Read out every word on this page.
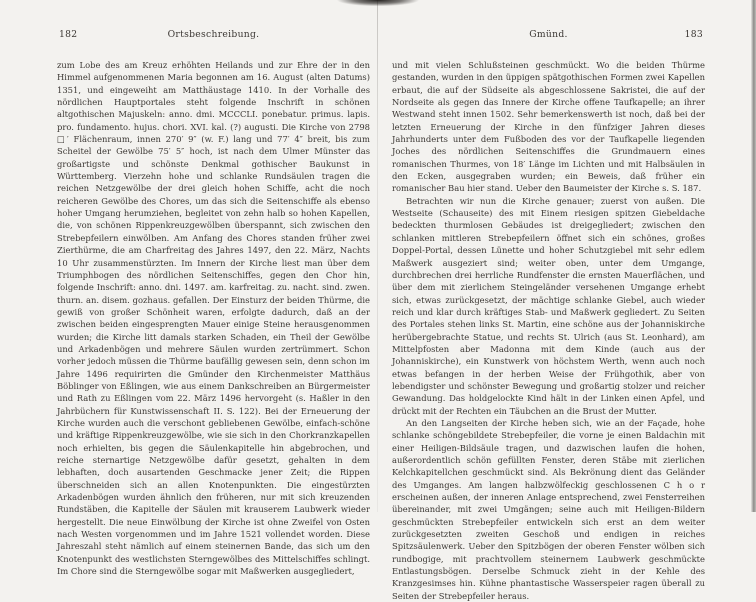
182	Ortsbeschreibung.

zum Lobe des am Kreuz erhöhten Heilands und zur Ehre der in den Himmel aufgenommenen Maria begonnen am 16. August (alten Datums) 1351, und eingeweiht am Matthäustage 1410. In der Vorhalle des nördlichen Hauptportales steht folgende Inschrift in schönen altgothischen Majuskeln: anno. dmi. MCCCLI. ponebatur. primus. lapis. pro. fundamento. hujus. chori. XVI. kal. (?) augusti. Die Kirche von 2798 □′ Flächenraum, innen 270′ 9″ (w. F.) lang und 77′ 4″ breit, bis zum Scheitel der Gewölbe 75′ 5″ hoch, ist nach dem Ulmer Münster das großartigste und schönste Denkmal gothischer Baukunst in Württemberg. Vierzehn hohe und schlanke Rundsäulen tragen die reichen Netzgewölbe der drei gleich hohen Schiffe, acht die noch reicheren Gewölbe des Chores, um das sich die Seitenschiffe als ebenso hoher Umgang herumziehen, begleitet von zehn halb so hohen Kapellen, die, von schönen Rippenkreuzgewölben überspannt, sich zwischen den Strebepfeilern einwölben. Am Anfang des Chores standen früher zwei Zierthürme, die am Charfreitag des Jahres 1497, den 22. März, Nachts 10 Uhr zusammenstürzten. Im Innern der Kirche liest man über dem Triumphbogen des nördlichen Seitenschiffes, gegen den Chor hin, folgende Inschrift: anno. dni. 1497. am. karfreitag. zu. nacht. sind. zwen. thurn. an. disem. gozhaus. gefallen. Der Einsturz der beiden Thürme, die gewiß von großer Schönheit waren, erfolgte dadurch, daß an der zwischen beiden eingesprengten Mauer einige Steine herausgenommen wurden; die Kirche litt damals starken Schaden, ein Theil der Gewölbe und Arkadenbögen und mehrere Säulen wurden zertrümmert. Schon vorher jedoch müssen die Thürme baufällig gewesen sein, denn schon im Jahre 1496 requirirten die Gmünder den Kirchenmeister Matthäus Böblinger von Eßlingen, wie aus einem Dankschreiben an Bürgermeister und Rath zu Eßlingen vom 22. März 1496 hervorgeht (s. Haßler in den Jahrbüchern für Kunstwissenschaft II. S. 122). Bei der Erneuerung der Kirche wurden auch die verschont gebliebenen Gewölbe, einfach-schöne und kräftige Rippenkreuzgewölbe, wie sie sich in den Chorkranzkapellen noch erhielten, bis gegen die Säulenkapitelle hin abgebrochen, und reiche sternartige Netzgewölbe dafür gesetzt, gehalten in dem lebhaften, doch ausartenden Geschmacke jener Zeit; die Rippen überschneiden sich an allen Knotenpunkten. Die eingestürzten Arkadenbögen wurden ähnlich den früheren, nur mit sich kreuzenden Rundstäben, die Kapitelle der Säulen mit krauserem Laubwerk wieder hergestellt. Die neue Einwölbung der Kirche ist ohne Zweifel von Osten nach Westen vorgenommen und im Jahre 1521 vollendet worden. Diese Jahreszahl steht nämlich auf einem steinernen Bande, das sich um den Knotenpunkt des westlichsten Sterngewölbes des Mittelschiffes schlingt. Im Chore sind die Sterngewölbe sogar mit Maßwerken ausgegliedert,

Gmünd.	183

und mit vielen Schlußsteinen geschmückt. Wo die beiden Thürme gestanden, wurden in den üppigen spätgothischen Formen zwei Kapellen erbaut, die auf der Südseite als abgeschlossene Sakristei, die auf der Nordseite als gegen das Innere der Kirche offene Taufkapelle; an ihrer Westwand steht innen 1502. Sehr bemerkenswerth ist noch, daß bei der letzten Erneuerung der Kirche in den fünfziger Jahren dieses Jahrhunderts unter dem Fußboden des vor der Taufkapelle liegenden Joches des nördlichen Seitenschiffes die Grundmauern eines romanischen Thurmes, von 18′ Länge im Lichten und mit Halbsäulen in den Ecken, ausgegraben wurden; ein Beweis, daß früher ein romanischer Bau hier stand. Ueber den Baumeister der Kirche s. S. 187.

Betrachten wir nun die Kirche genauer; zuerst von außen. Die Westseite (Schauseite) des mit Einem riesigen spitzen Giebeldache bedeckten thurmlosen Gebäudes ist dreigegliedert; zwischen den schlanken mittleren Strebepfeilern öffnet sich ein schönes, großes Doppel-Portal, dessen Lünette und hoher Schutzgiebel mit sehr edlem Maßwerk ausgeziert sind; weiter oben, unter dem Umgange, durchbrechen drei herrliche Rundfenster die ernsten Mauerflächen, und über dem mit zierlichem Steingeländer versehenen Umgange erhebt sich, etwas zurückgesetzt, der mächtige schlanke Giebel, auch wieder reich und klar durch kräftiges Stab- und Maßwerk gegliedert. Zu Seiten des Portales stehen links St. Martin, eine schöne aus der Johanniskirche herübergebrachte Statue, und rechts St. Ulrich (aus St. Leonhard), am Mittelpfosten aber Madonna mit dem Kinde (auch aus der Johanniskirche), ein Kunstwerk von höchstem Werth, wenn auch noch etwas befangen in der herben Weise der Frühgothik, aber von lebendigster und schönster Bewegung und großartig stolzer und reicher Gewandung. Das holdgelockte Kind hält in der Linken einen Apfel, und drückt mit der Rechten ein Täubchen an die Brust der Mutter.

An den Langseiten der Kirche heben sich, wie an der Façade, hohe schlanke schöngebildete Strebepfeiler, die vorne je einen Baldachin mit einer Heiligen-Bildsäule tragen, und dazwischen laufen die hohen, außerordentlich schön gefüllten Fenster, deren Stäbe mit zierlichen Kelchkapitellchen geschmückt sind. Als Bekrönung dient das Geländer des Umganges. Am langen halbzwölfeckig geschlossenen C h o r erscheinen außen, der inneren Anlage entsprechend, zwei Fensterreihen übereinander, mit zwei Umgängen; seine auch mit Heiligen-Bildern geschmückten Strebepfeiler entwickeln sich erst an dem weiter zurückgesetzten zweiten Geschoß und endigen in reiches Spitzsäulenwerk. Ueber den Spitzbögen der oberen Fenster wölben sich rundbogige, mit prachtvollem steinernem Laubwerk geschmückte Entlastungsbögen. Derselbe Schmuck zieht in der Kehle des Kranzgesimses hin. Kühne phantastische Wasserspeier ragen überall zu Seiten der Strebepfeiler heraus.
